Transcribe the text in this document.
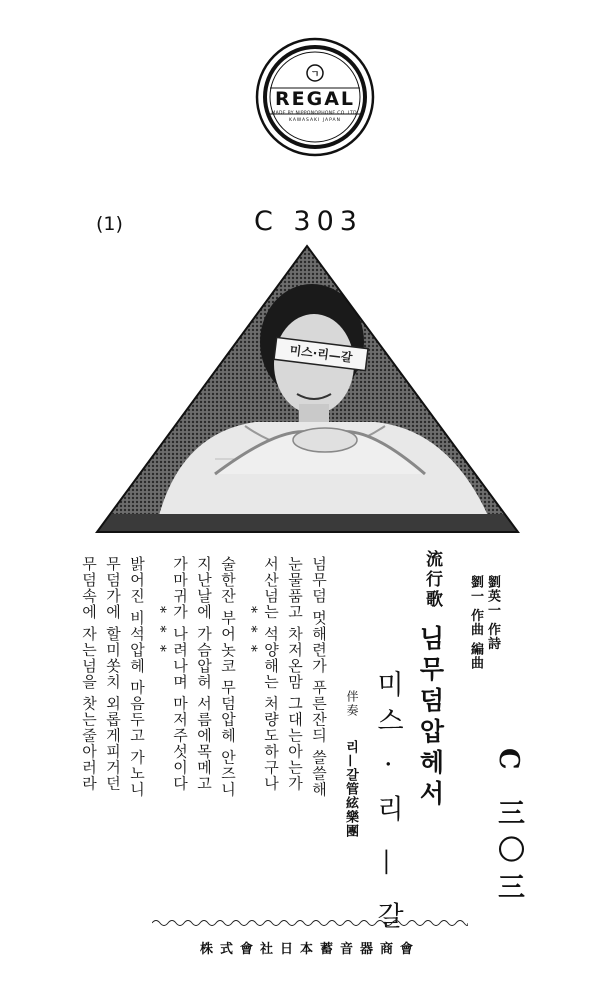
ㄱ
REGAL
MADE BY NIPPONOPHONE CO.,LTD.
KAWASAKI JAPAN
(1)	C 303
미스·리—갈
C 三〇三
劉英一 作詩
劉一 作曲 編曲
流行歌
님무덤압헤서
미스 · 리 — 갈
伴奏
리—갈管絃樂團
넘무덤 멋해련가 푸른잔듸 쓸쓸해
눈물품고 차저온맘 그대는아는가
서산넘는 석양해는 처량도하구나
* * *
술한잔 부어놋코 무덤압헤 안즈니
지난날에 가슴압허 서름에목메고
가마귀가 나려나며 마저주섯이다
* * *
밝어진 비석압헤 마음두고 가노니
무덤가에 할미쏫치 외롭게피거던
무덤속에 자는넘을 찻는줄아러라
株式會社日本蓄音器商會
